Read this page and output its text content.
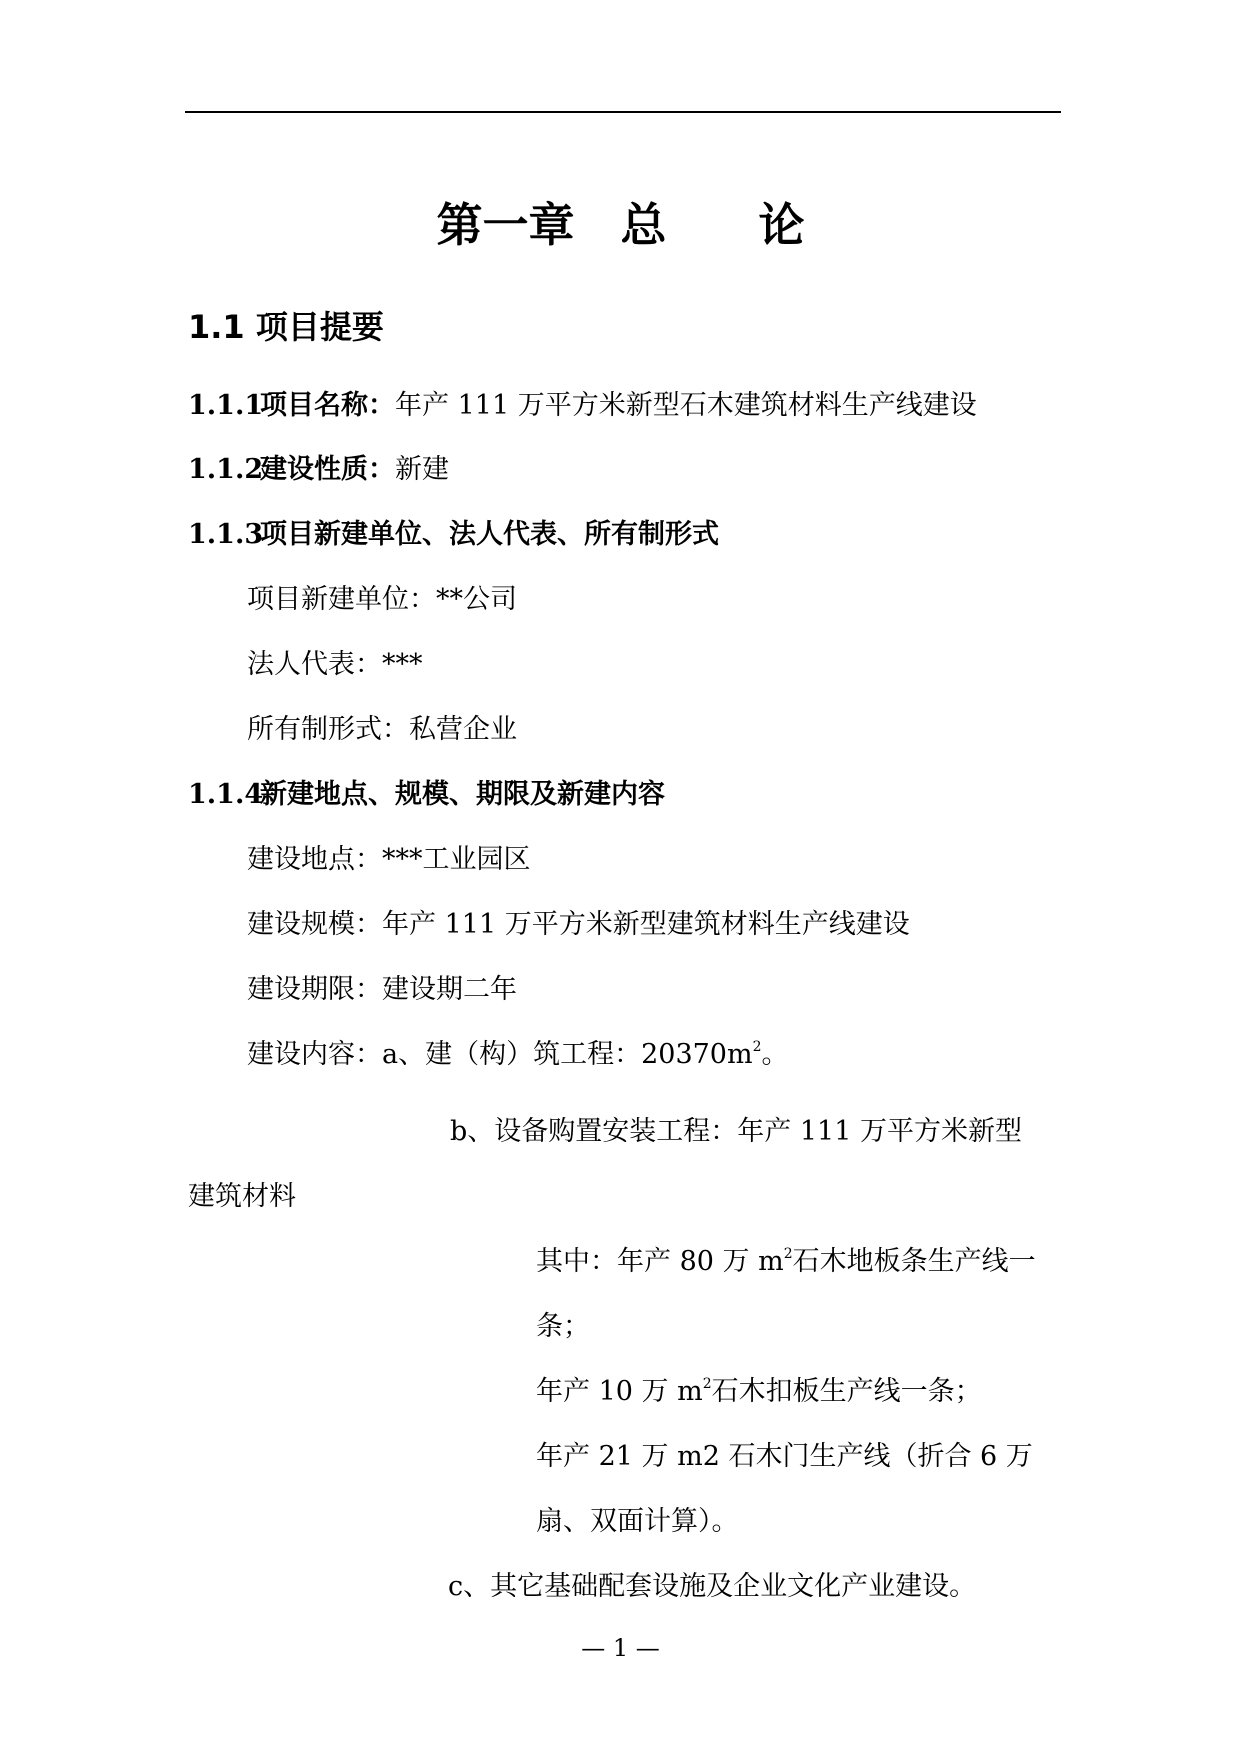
第一章 总 论
1.1 项目提要
1.1.1项目名称：年产 111 万平方米新型石木建筑材料生产线建设
1.1.2建设性质：新建
1.1.3项目新建单位、法人代表、所有制形式
项目新建单位：**公司
法人代表：***
所有制形式：私营企业
1.1.4新建地点、规模、期限及新建内容
建设地点：***工业园区
建设规模：年产 111 万平方米新型建筑材料生产线建设
建设期限：建设期二年
建设内容：a、建（构）筑工程：$20370m^2$。
b、设备购置安装工程：年产 111 万平方米新型
建筑材料
其中：年产 80 万 $m^2$石木地板条生产线一
条；
年产 10 万 $m^2$石木扣板生产线一条；
年产 21 万 m2 石木门生产线（折合 6 万
扇、双面计算）。
c、其它基础配套设施及企业文化产业建设。
— 1 —
